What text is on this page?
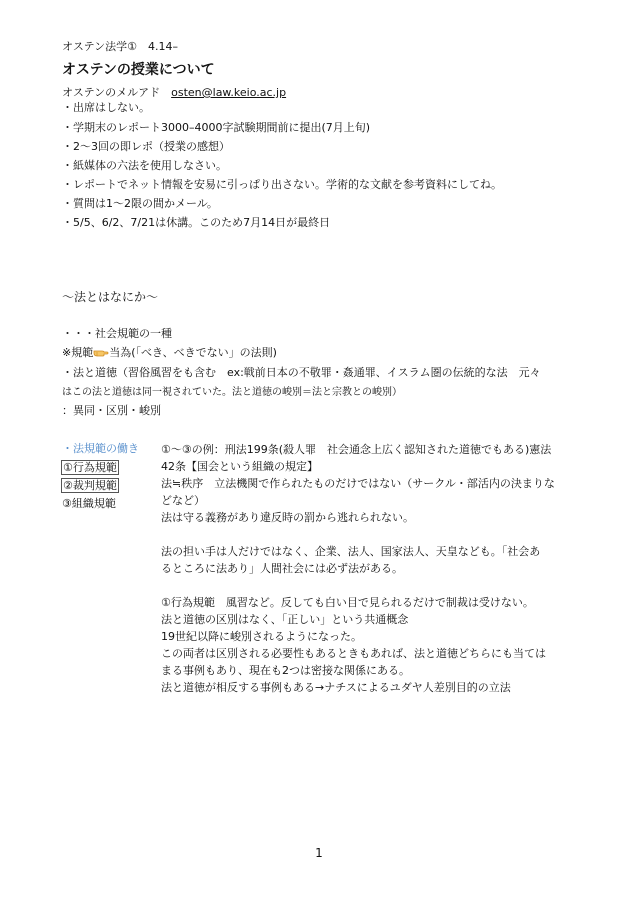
オステン法学①　4.14–
オステンの授業について
オステンのメルアド　osten@law.keio.ac.jp
・出席はしない。
・学期末のレポート3000–4000字試験期間前に提出(7月上旬)
・2〜3回の即レポ（授業の感想）
・紙媒体の六法を使用しなさい。
・レポートでネット情報を安易に引っぱり出さない。学術的な文献を参考資料にしてね。
・質問は1〜2限の間かメール。
・5/5、6/2、7/21は休講。このため7月14日が最終日
〜法とはなにか〜
・・・社会規範の一種
※規範 当為(「べき、べきでない」の法則)
・法と道徳（習俗風習をも含む　ex:戦前日本の不敬罪・姦通罪、イスラム圏の伝統的な法　元々
はこの法と道徳は同一視されていた。法と道徳の峻別＝法と宗教との峻別）
：異同・区別・峻別
・法規範の働き
①行為規範
②裁判規範
③組織規範

①〜③の例：刑法199条(殺人罪　社会通念上広く認知された道徳でもある)憲法

42条【国会という組織の規定】

法≒秩序　立法機関で作られたものだけではない（サークル・部活内の決まりな

どなど）

法は守る義務があり違反時の罰から逃れられない。

法の担い手は人だけではなく、企業、法人、国家法人、天皇なども。「社会あ

るところに法あり」人間社会には必ず法がある。

①行為規範　風習など。反しても白い目で見られるだけで制裁は受けない。

法と道徳の区別はなく、「正しい」という共通概念

19世紀以降に峻別されるようになった。

この両者は区別される必要性もあるときもあれば、法と道徳どちらにも当ては

まる事例もあり、現在も2つは密接な関係にある。

法と道徳が相反する事例もある→ナチスによるユダヤ人差別目的の立法

1
